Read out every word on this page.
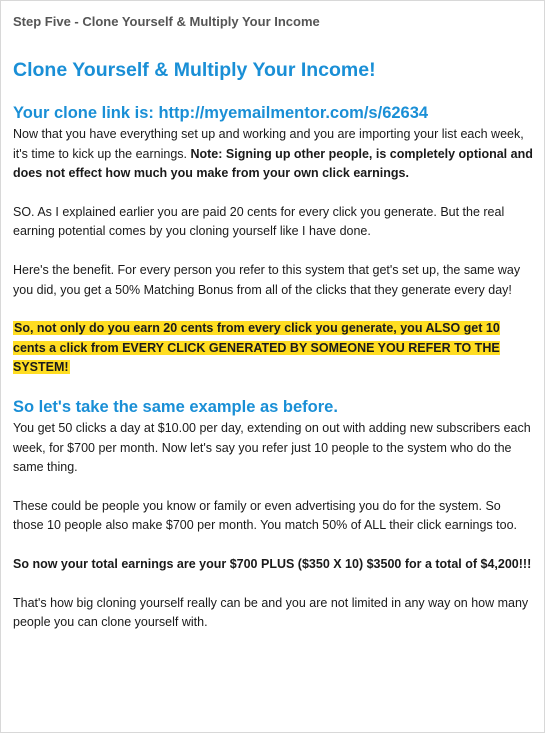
Step Five - Clone Yourself & Multiply Your Income
Clone Yourself & Multiply Your Income!
Your clone link is: http://myemailmentor.com/s/62634

Now that you have everything set up and working and you are importing your list each week, it's time to kick up the earnings. Note: Signing up other people, is completely optional and does not effect how much you make from your own click earnings.

SO. As I explained earlier you are paid 20 cents for every click you generate. But the real earning potential comes by you cloning yourself like I have done.

Here's the benefit. For every person you refer to this system that get's set up, the same way you did, you get a 50% Matching Bonus from all of the clicks that they generate every day!

So, not only do you earn 20 cents from every click you generate, you ALSO get 10 cents a click from EVERY CLICK GENERATED BY SOMEONE YOU REFER TO THE SYSTEM!

So let's take the same example as before.

You get 50 clicks a day at $10.00 per day, extending on out with adding new subscribers each week, for $700 per month. Now let's say you refer just 10 people to the system who do the same thing.

These could be people you know or family or even advertising you do for the system. So those 10 people also make $700 per month. You match 50% of ALL their click earnings too.

So now your total earnings are your $700 PLUS ($350 X 10) $3500 for a total of $4,200!!!

That's how big cloning yourself really can be and you are not limited in any way on how many people you can clone yourself with.
